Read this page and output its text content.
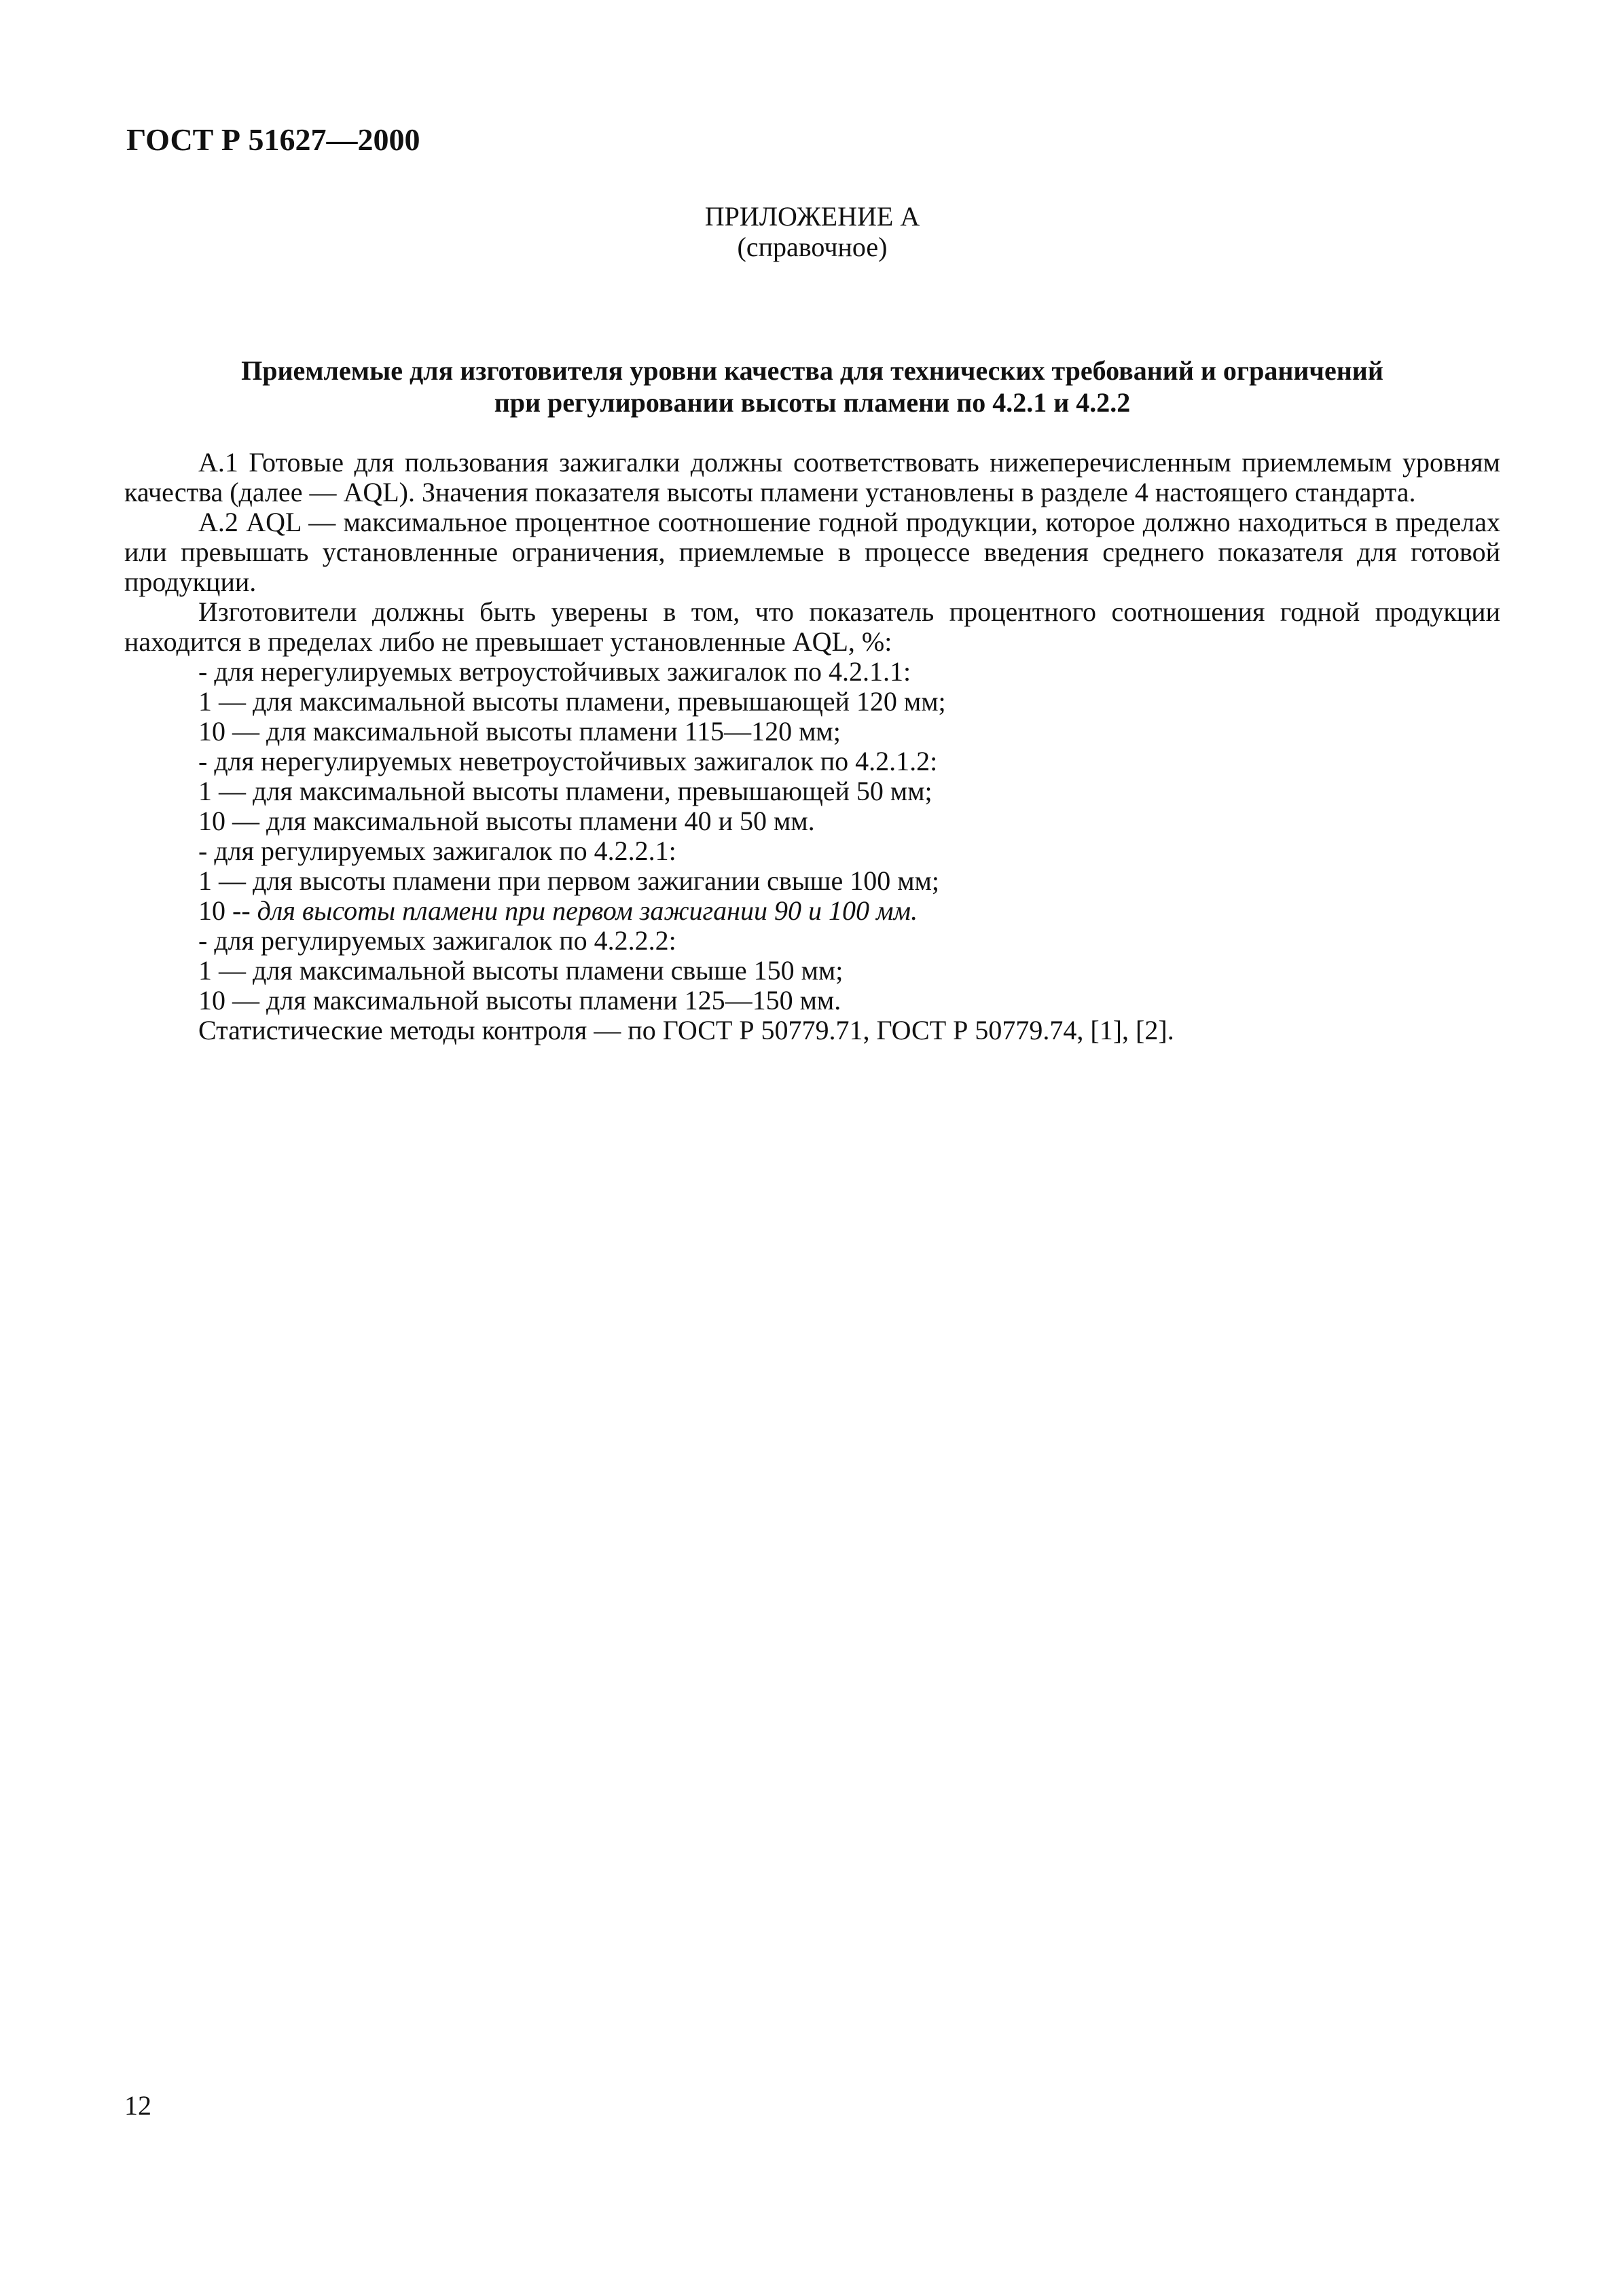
ГОСТ Р 51627—2000
ПРИЛОЖЕНИЕ А
(справочное)
Приемлемые для изготовителя уровни качества для технических требований и ограничений
при регулировании высоты пламени по 4.2.1 и 4.2.2

А.1 Готовые для пользования зажигалки должны соответствовать нижеперечисленным приемлемым уровням качества (далее — AQL). Значения показателя высоты пламени установлены в разделе 4 настоящего стандарта.

А.2 AQL — максимальное процентное соотношение годной продукции, которое должно находиться в пределах или превышать установленные ограничения, приемлемые в процессе введения среднего показателя для готовой продукции.

Изготовители должны быть уверены в том, что показатель процентного соотношения годной продукции находится в пределах либо не превышает установленные AQL, %:

- для нерегулируемых ветроустойчивых зажигалок по 4.2.1.1:

1 — для максимальной высоты пламени, превышающей 120 мм;

10 — для максимальной высоты пламени 115—120 мм;

- для нерегулируемых неветроустойчивых зажигалок по 4.2.1.2:

1 — для максимальной высоты пламени, превышающей 50 мм;

10 — для максимальной высоты пламени 40 и 50 мм.

- для регулируемых зажигалок по 4.2.2.1:

1 — для высоты пламени при первом зажигании свыше 100 мм;

10 -- для высоты пламени при первом зажигании 90 и 100 мм.

- для регулируемых зажигалок по 4.2.2.2:

1 — для максимальной высоты пламени свыше 150 мм;

10 — для максимальной высоты пламени 125—150 мм.

Статистические методы контроля — по ГОСТ Р 50779.71, ГОСТ Р 50779.74, [1], [2].

12
